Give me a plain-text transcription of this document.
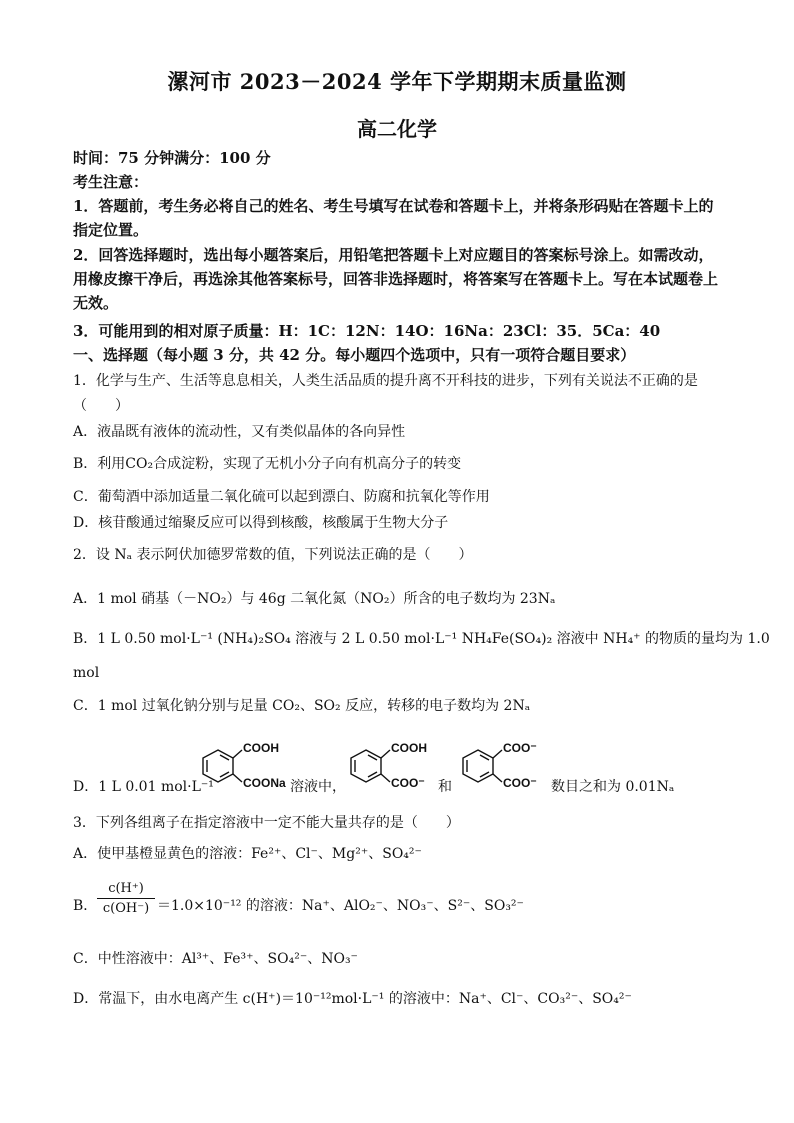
漯河市 2023－2024 学年下学期期末质量监测
高二化学
时间：75 分钟满分：100 分
考生注意：
1．答题前，考生务必将自己的姓名、考生号填写在试卷和答题卡上，并将条形码贴在答题卡上的指定位置。
2．回答选择题时，选出每小题答案后，用铅笔把答题卡上对应题目的答案标号涂上。如需改动，用橡皮擦干净后，再选涂其他答案标号，回答非选择题时，将答案写在答题卡上。写在本试题卷上无效。
3．可能用到的相对原子质量：H：1C：12N：14O：16Na：23Cl：35．5Ca：40
一、选择题（每小题 3 分，共 42 分。每小题四个选项中，只有一项符合题目要求）
1．化学与生产、生活等息息相关，人类生活品质的提升离不开科技的进步，下列有关说法不正确的是
（　　）
A．液晶既有液体的流动性，又有类似晶体的各向异性
B．利用CO₂合成淀粉，实现了无机小分子向有机高分子的转变
C．葡萄酒中添加适量二氧化硫可以起到漂白、防腐和抗氧化等作用
D．核苷酸通过缩聚反应可以得到核酸，核酸属于生物大分子
2．设 Nₐ 表示阿伏加德罗常数的值，下列说法正确的是（　　）
A．1 mol 硝基（－NO₂）与 46g 二氧化氮（NO₂）所含的电子数均为 23Nₐ
B．1 L 0.50 mol·L⁻¹ (NH₄)₂SO₄ 溶液与 2 L 0.50 mol·L⁻¹ NH₄Fe(SO₄)₂ 溶液中 NH₄⁺ 的物质的量均为 1.0
mol
C．1 mol 过氧化钠分别与足量 CO₂、SO₂ 反应，转移的电子数均为 2Nₐ
D．1 L 0.01 mol·L⁻¹
COOH
COONa 溶液中，
COOH
COO⁻ 和
COO⁻
COO⁻ 数目之和为 0.01Nₐ
3．下列各组离子在指定溶液中一定不能大量共存的是（　　）
A．使甲基橙显黄色的溶液：Fe²⁺、Cl⁻、Mg²⁺、SO₄²⁻
B． $\frac{c(H^+)}{c(OH^-)} =1.0\times 10^{-12}$ 的溶液：Na⁺、AlO₂⁻、NO₃⁻、S²⁻、SO₃²⁻
C．中性溶液中：Al³⁺、Fe³⁺、SO₄²⁻、NO₃⁻
D．常温下，由水电离产生 c(H⁺)＝10⁻¹²mol·L⁻¹ 的溶液中：Na⁺、Cl⁻、CO₃²⁻、SO₄²⁻
